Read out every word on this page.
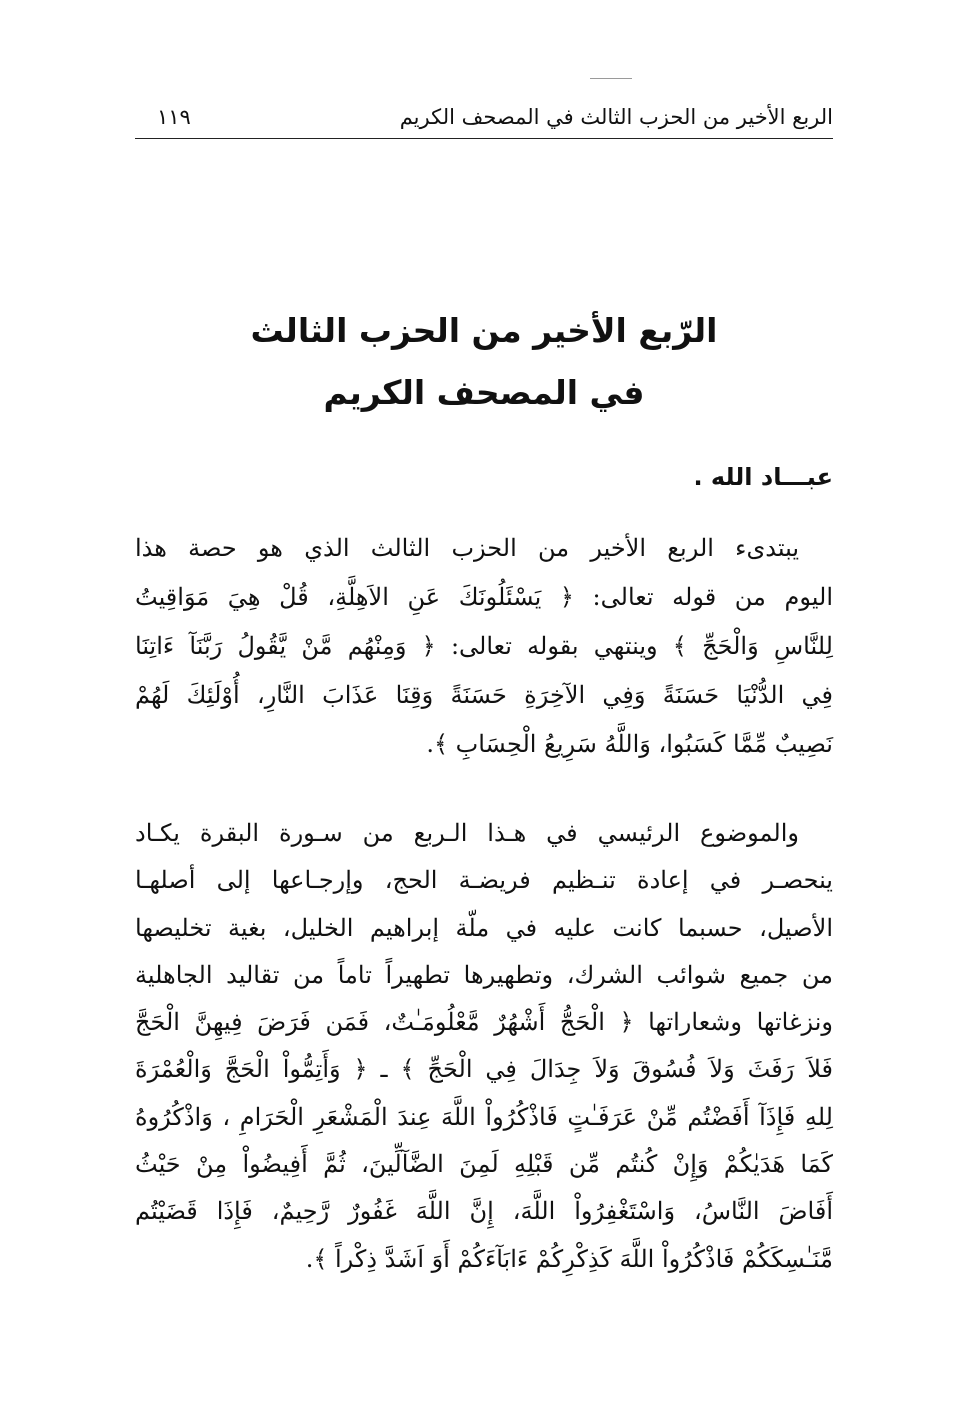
١١٩	الربع الأخير من الحزب الثالث في المصحف الكريم
الرّبع الأخير من الحزب الثالث
في المصحف الكريم
عبـــاد الله .
يبتدىء الربع الأخير من الحزب الثالث الذي هو حصة هذا
اليوم من قوله تعالى: ﴿ يَسْئَلُونَكَ عَنِ الاَهِلَّةِ، قُلْ هِيَ مَوَاقِيتُ
لِلنَّاسِ وَالْحَجِّ ﴾ وينتهي بقوله تعالى: ﴿ وَمِنْهُم مَّنْ يَّقُولُ رَبَّنَآ ءَاتِنَا
فِي الدُّنْيَا حَسَنَةً وَفِي الآخِرَةِ حَسَنَةً وَقِنَا عَذَابَ النَّارِ، أُوْلَئِكَ لَهُمْ
نَصِيبٌ مِّمَّا كَسَبُوا، وَاللَّهُ سَرِيعُ الْحِسَابِ ﴾.
والموضوع الرئيسي في هـذا الـربع من سـورة البقرة يكـاد
ينحصـر في إعادة تنـظيم فريضـة الحج، وإرجـاعها إلى أصلهـا
الأصيل، حسبما كانت عليه في ملّة إبراهيم الخليل، بغية تخليصها
من جميع شوائب الشرك، وتطهيرها تطهيراً تاماً من تقاليد الجاهلية
ونزغاتها وشعاراتها ﴿ الْحَجُّ أَشْهُرٌ مَّعْلُومَـٰتٌ، فَمَن فَرَضَ فِيهِنَّ الْحَجَّ
فَلاَ رَفَثَ وَلاَ فُسُوقَ وَلاَ جِدَالَ فِي الْحَجِّ ﴾ ـ ﴿ وَأَتِمُّواْ الْحَجَّ وَالْعُمْرَةَ
لِلهِ فَإِذَآ أَفَضْتُم مِّنْ عَرَفَـٰتٍ فَاذْكُرُواْ اللَّهَ عِندَ الْمَشْعَرِ الْحَرَامِ ، وَاذْكُرُوهُ
كَمَا هَدَيٰكُمْ وَإِنْ كُنتُم مِّن قَبْلِهِ لَمِنَ الضَّآلِّينَ، ثُمَّ أَفِيضُواْ مِنْ حَيْثُ
أَفَاضَ النَّاسُ، وَاسْتَغْفِرُواْ اللَّهَ، إِنَّ اللَّهَ غَفُورٌ رَّحِيمٌ، فَإِذَا قَضَيْتُم
مَّنَـٰسِكَكُمْ فَاذْكُرُواْ اللَّهَ كَذِكْرِكُمْ ءَابَآءَكُمْ أَوَ اَشَدَّ ذِكْراً ﴾.
